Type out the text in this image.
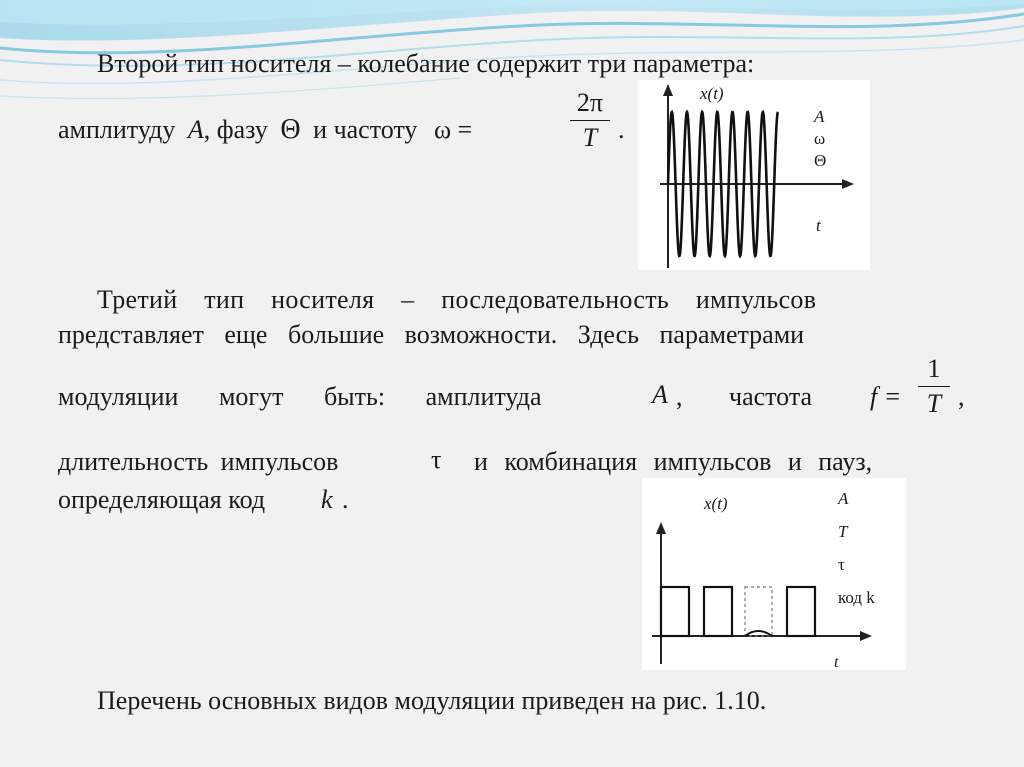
Второй тип носителя – колебание содержит три параметра:
амплитуду A, фазу Θ и частоту ω =
2π
T .
x(t)
t
A
ω
Θ
Третий тип носителя – последовательность импульсов
представляет еще большие возможности. Здесь параметрами
модуляции могут быть: амплитуда	A , частота f =
1
T ,
длительность импульсов	τ и комбинация импульсов и пауз,
определяющая код k .	x(t)
t
A
T
τ
код k
Перечень основных видов модуляции приведен на рис. 1.10.
